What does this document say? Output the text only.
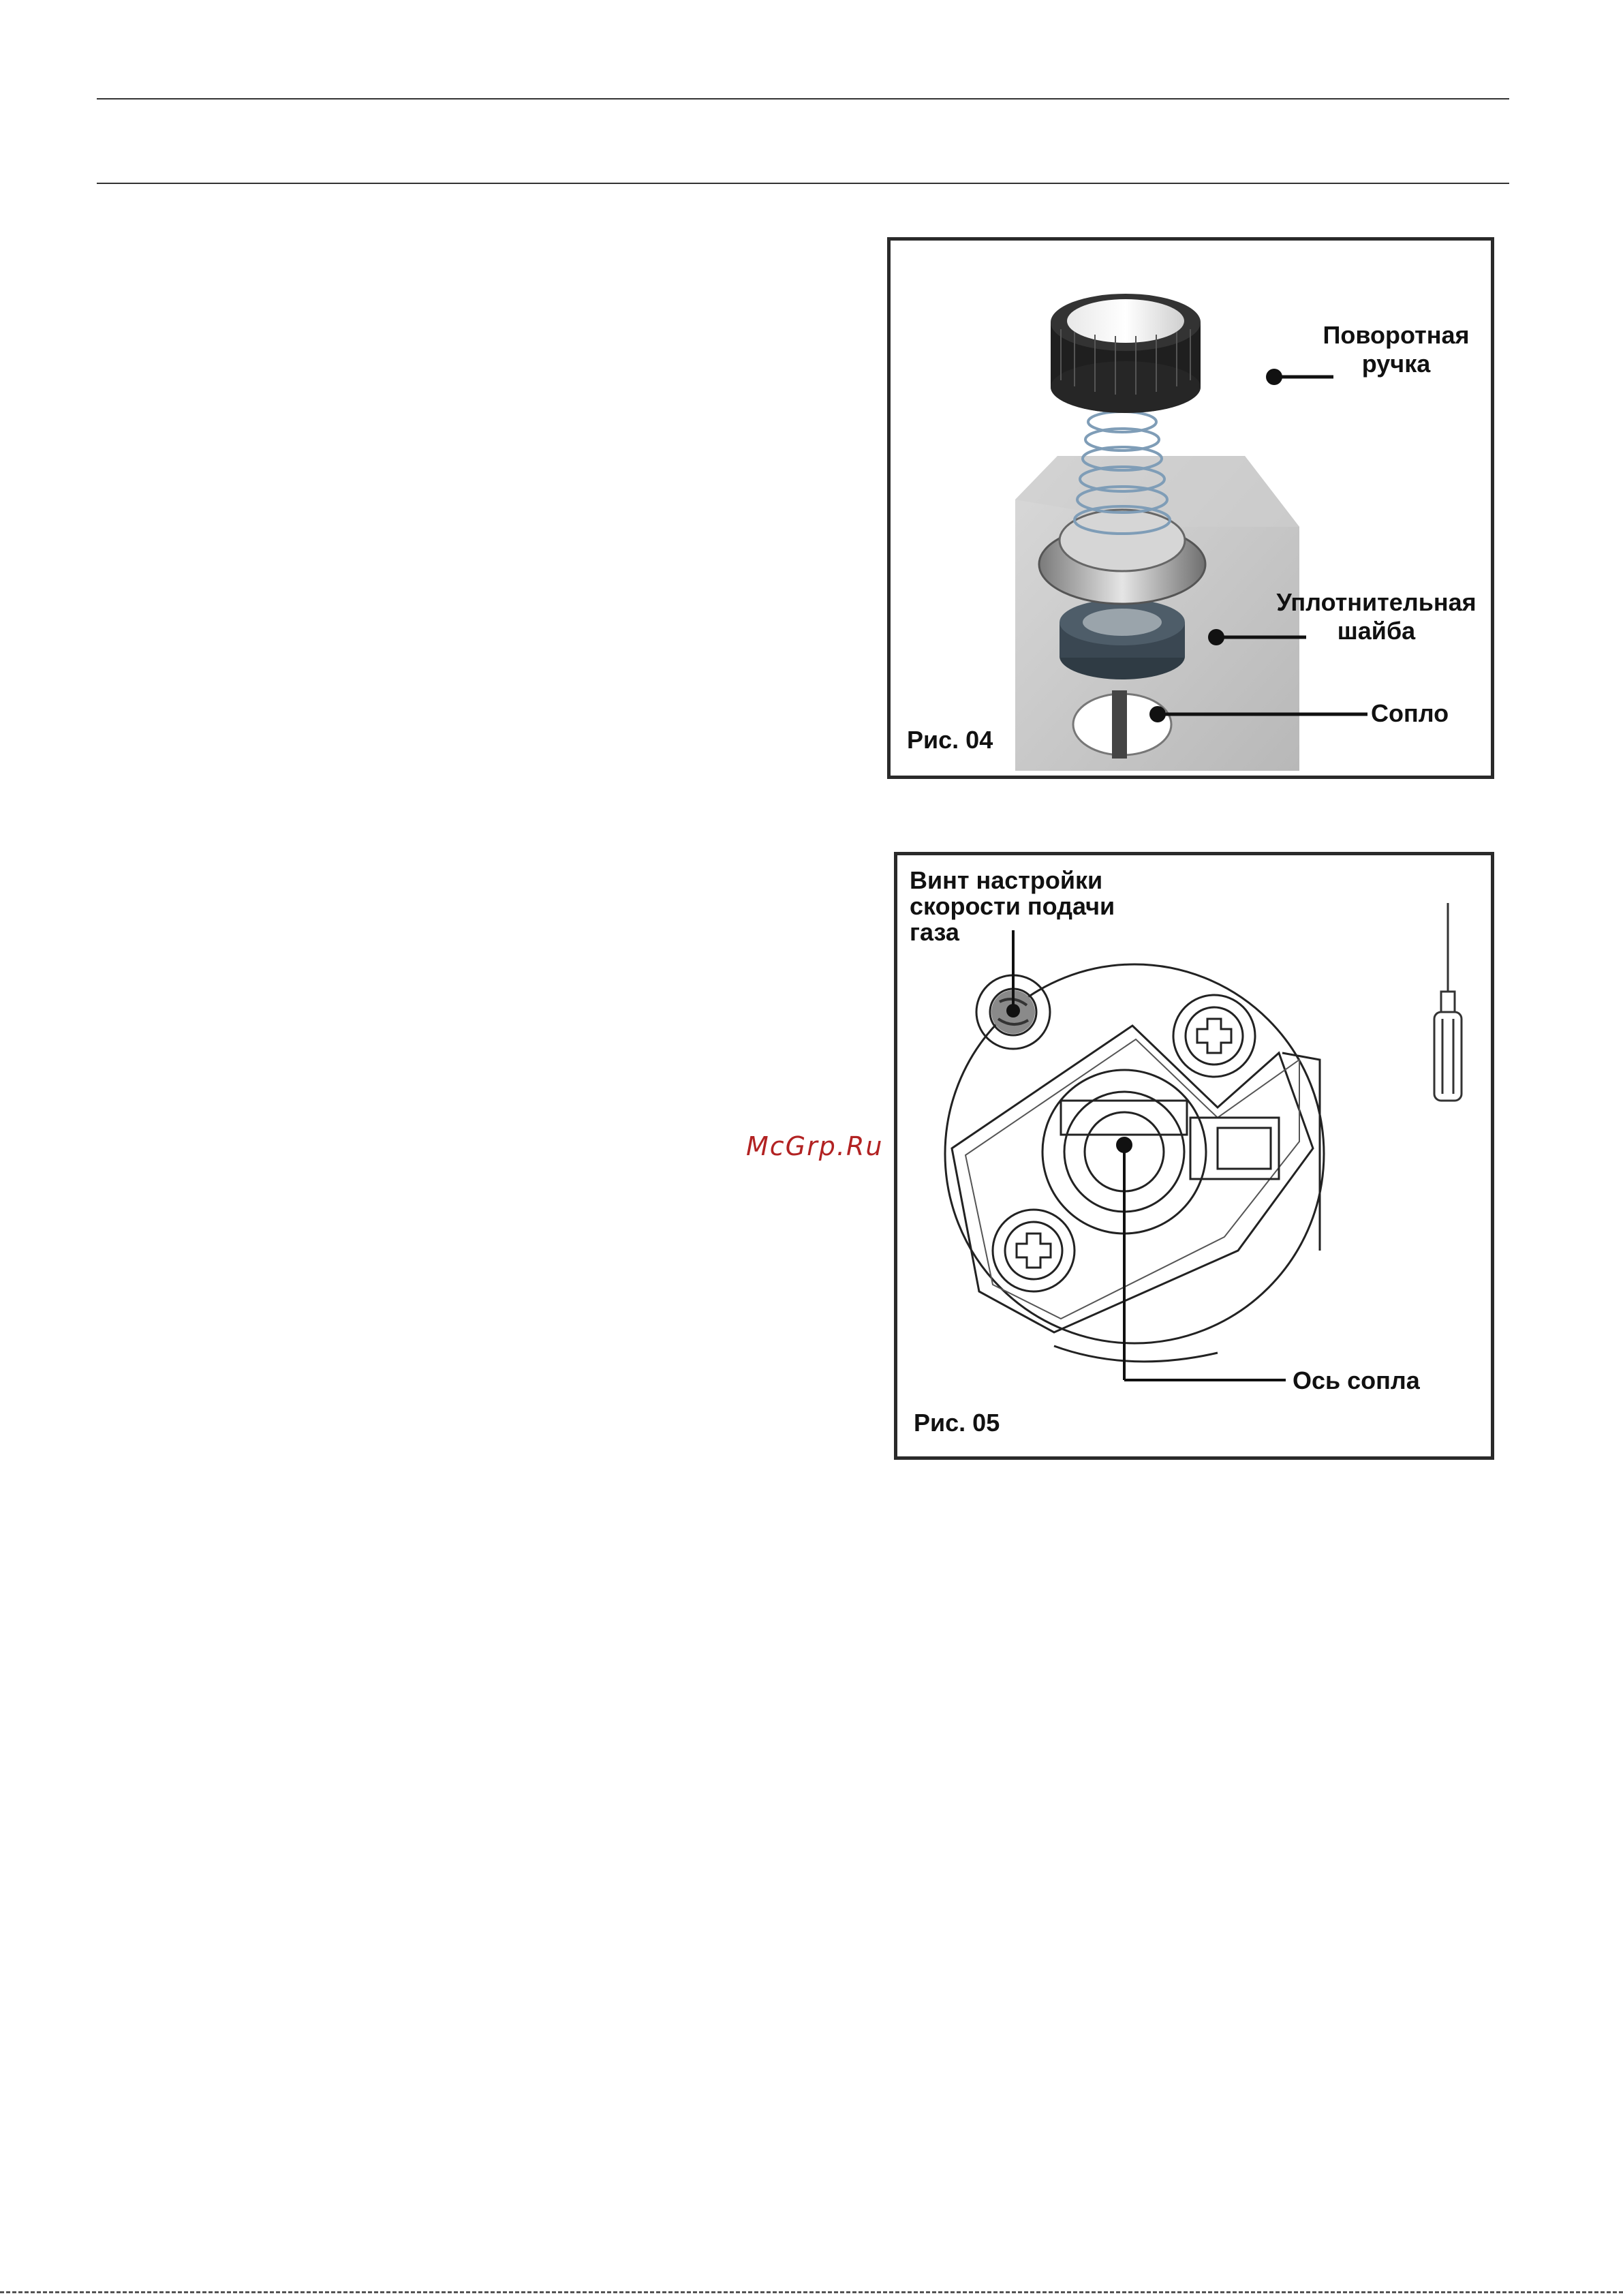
McGrp.Ru
Поворотная ручка
Уплотнительная шайба
Сопло
Рис. 04
Винт настройки скорости подачи газа
Ось сопла
Рис. 05
